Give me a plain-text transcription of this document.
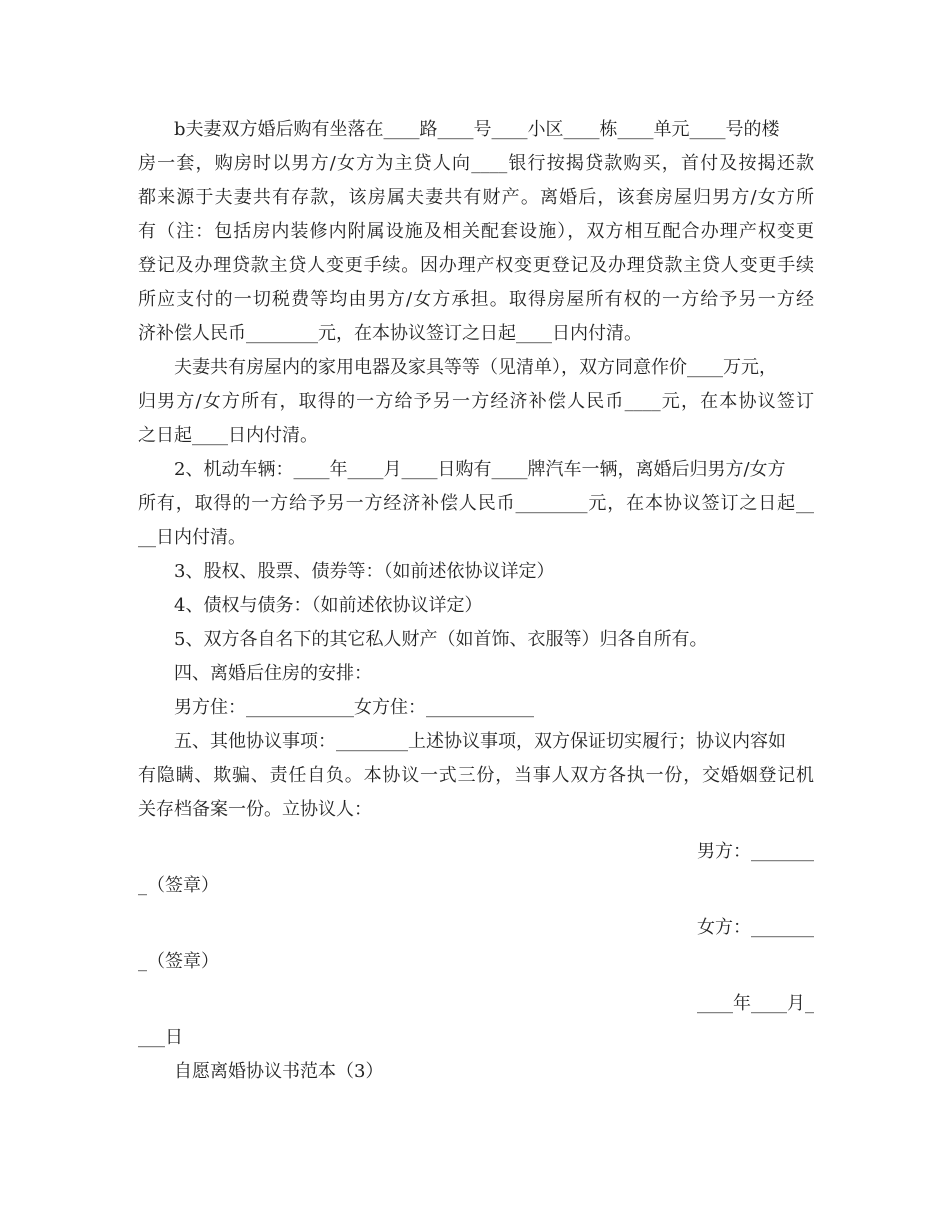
b夫妻双方婚后购有坐落在____路____号____小区____栋____单元____号的楼
房一套，购房时以男方/女方为主贷人向____银行按揭贷款购买，首付及按揭还款
都来源于夫妻共有存款，该房属夫妻共有财产。离婚后，该套房屋归男方/女方所
有（注：包括房内装修内附属设施及相关配套设施），双方相互配合办理产权变更
登记及办理贷款主贷人变更手续。因办理产权变更登记及办理贷款主贷人变更手续
所应支付的一切税费等均由男方/女方承担。取得房屋所有权的一方给予另一方经
济补偿人民币________元，在本协议签订之日起____日内付清。
夫妻共有房屋内的家用电器及家具等等（见清单），双方同意作价____万元，
归男方/女方所有，取得的一方给予另一方经济补偿人民币____元，在本协议签订
之日起____日内付清。
2、机动车辆：____年____月____日购有____牌汽车一辆，离婚后归男方/女方
所有，取得的一方给予另一方经济补偿人民币________元，在本协议签订之日起__
__日内付清。
3、股权、股票、债券等：（如前述依协议详定）
4、债权与债务：（如前述依协议详定）
5、双方各自名下的其它私人财产（如首饰、衣服等）归各自所有。
四、离婚后住房的安排：
男方住：____________女方住：____________
五、其他协议事项：________上述协议事项，双方保证切实履行；协议内容如
有隐瞒、欺骗、责任自负。本协议一式三份，当事人双方各执一份，交婚姻登记机
关存档备案一份。立协议人：
男方：_______
_（签章）
女方：_______
_（签章）
____年____月_
___日
自愿离婚协议书范本（3）
